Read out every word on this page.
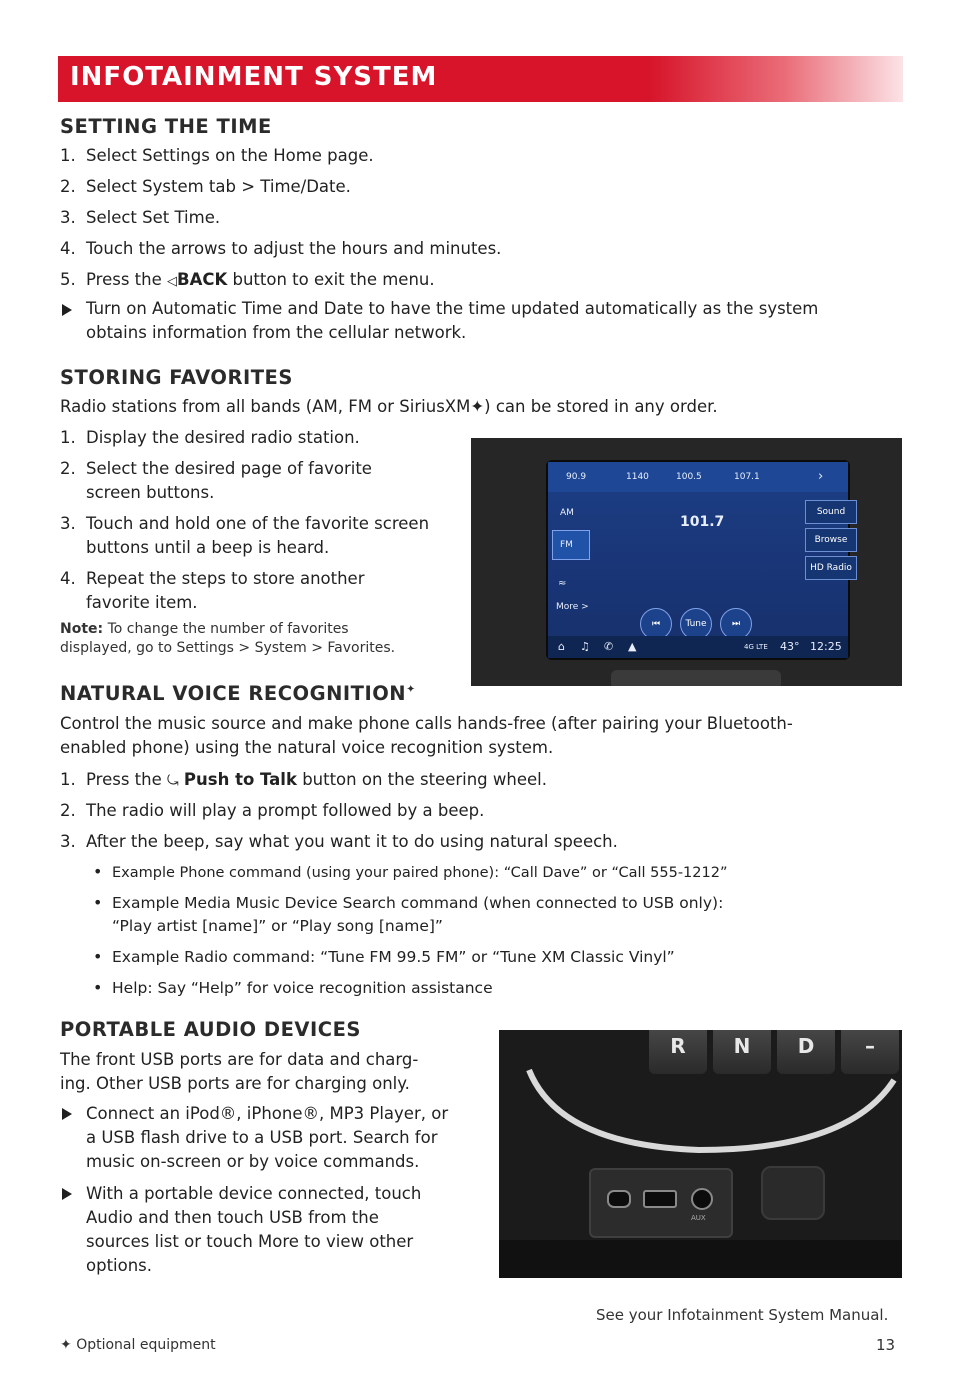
INFOTAINMENT SYSTEM
SETTING THE TIME
1. Select Settings on the Home page.
2. Select System tab > Time/Date.
3. Select Set Time.
4. Touch the arrows to adjust the hours and minutes.
5. Press the ◁BACK button to exit the menu.
Turn on Automatic Time and Date to have the time updated automatically as the system
obtains information from the cellular network.
STORING FAVORITES
Radio stations from all bands (AM, FM or SiriusXM✦) can be stored in any order.
1. Display the desired radio station.
2. Select the desired page of favorite
screen buttons.
3. Touch and hold one of the favorite screen
buttons until a beep is heard.
4. Repeat the steps to store another
favorite item.
Note: To change the number of favorites
displayed, go to Settings > System > Favorites.
90.9	1140	100.5	107.1	›
AM
FM
≈
More >
101.7
Sound
Browse
HD Radio
⏮	Tune	⏭
⌂ ♫ ✆ ▲	4G LTE 43° 12:25
NATURAL VOICE RECOGNITION✦
Control the music source and make phone calls hands-free (after pairing your Bluetooth-
enabled phone) using the natural voice recognition system.
1. Press the ⤿ Push to Talk button on the steering wheel.
2. The radio will play a prompt followed by a beep.
3. After the beep, say what you want it to do using natural speech.
• Example Phone command (using your paired phone): “Call Dave” or “Call 555-1212”
• Example Media Music Device Search command (when connected to USB only):
“Play artist [name]” or “Play song [name]”
• Example Radio command: “Tune FM 99.5 FM” or “Tune XM Classic Vinyl”
• Help: Say “Help” for voice recognition assistance
PORTABLE AUDIO DEVICES
The front USB ports are for data and charg-
ing. Other USB ports are for charging only.
Connect an iPod®, iPhone®, MP3 Player, or
a USB flash drive to a USB port. Search for
music on-screen or by voice commands.
With a portable device connected, touch
Audio and then touch USB from the
sources list or touch More to view other
options.
R	N	D	–
AUX
See your Infotainment System Manual.
✦ Optional equipment	13
